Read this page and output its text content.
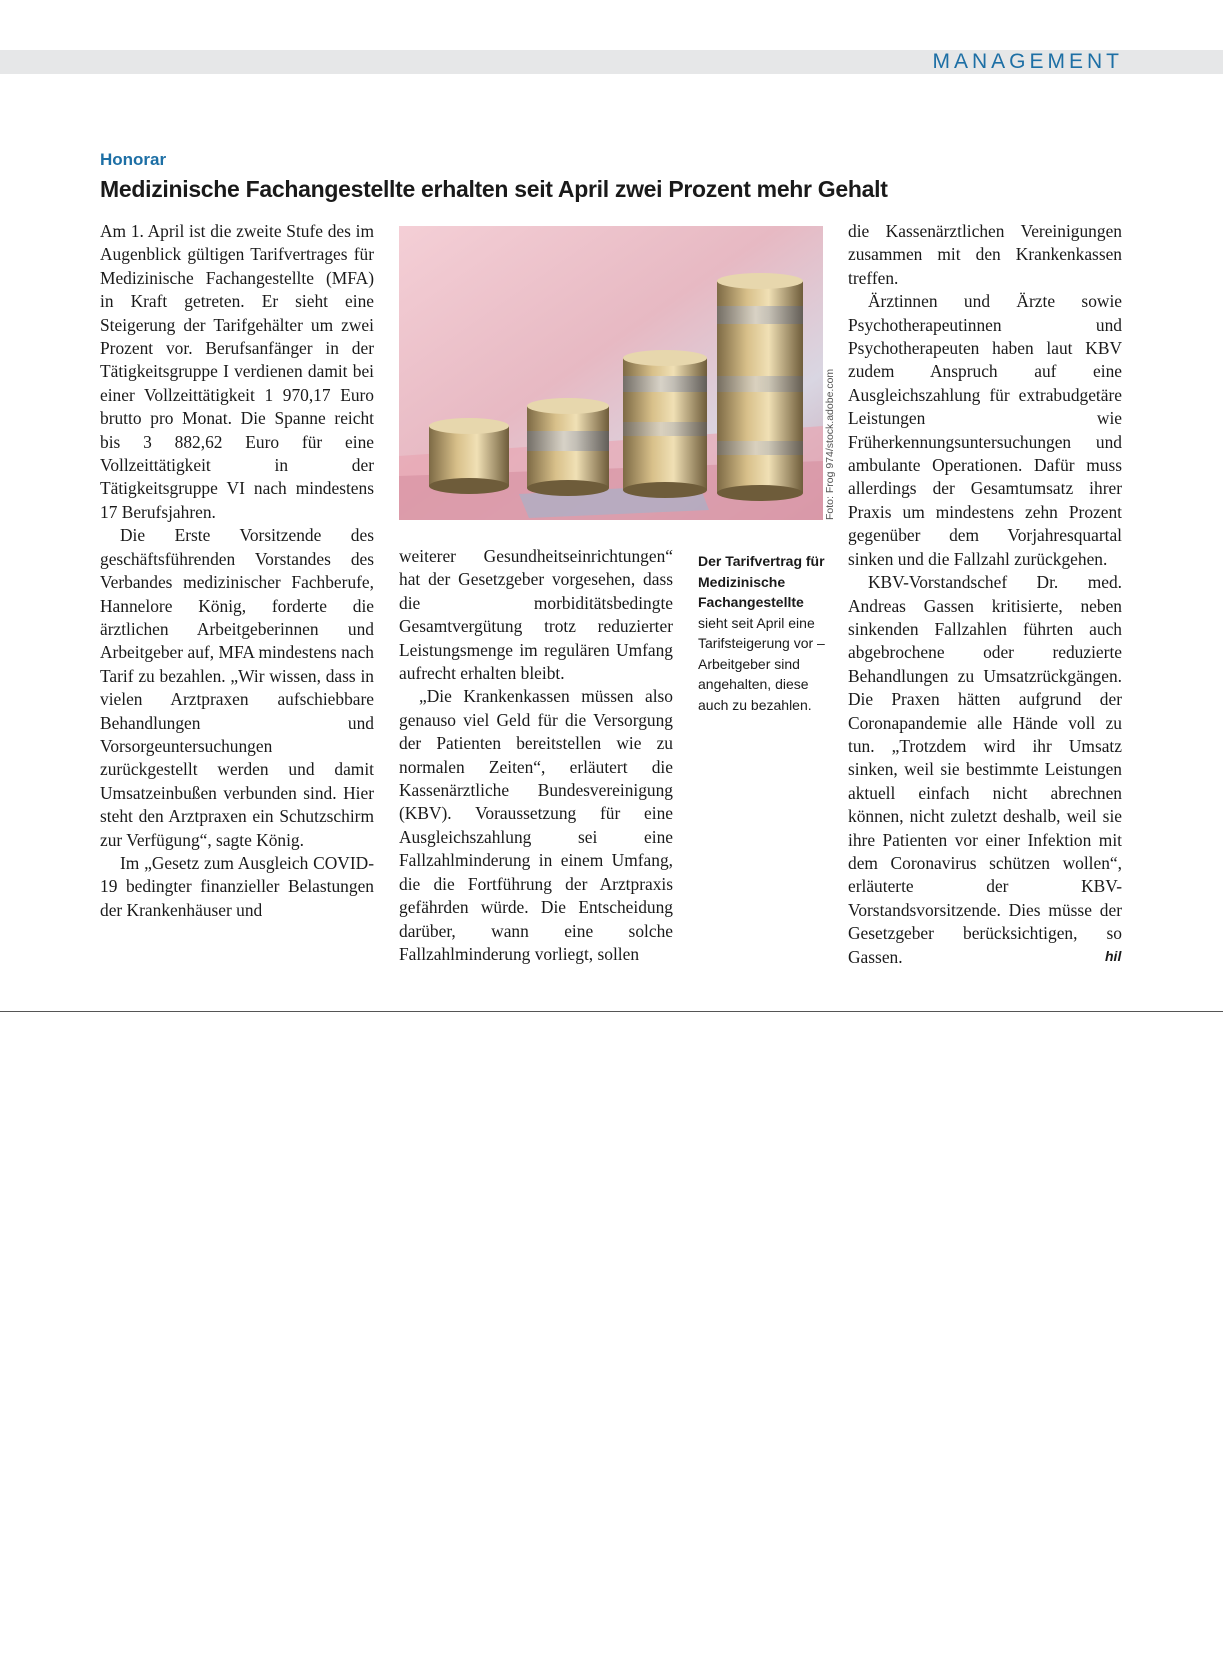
MANAGEMENT
Honorar
Medizinische Fachangestellte erhalten seit April zwei Prozent mehr Gehalt

Am 1. April ist die zweite Stufe des im Augenblick gültigen Tarifvertrages für Medizinische Fachangestellte (MFA) in Kraft getreten. Er sieht eine Steigerung der Tarifgehälter um zwei Prozent vor. Berufsanfänger in der Tätigkeitsgruppe I verdienen damit bei einer Vollzeittätigkeit 1 970,17 Euro brutto pro Monat. Die Spanne reicht bis 3 882,62 Euro für eine Vollzeittätigkeit in der Tätigkeitsgruppe VI nach mindestens 17 Berufsjahren.

Die Erste Vorsitzende des geschäftsführenden Vorstandes des Verbandes medizinischer Fachberufe, Hannelore König, forderte die ärztlichen Arbeitgeberinnen und Arbeitgeber auf, MFA mindestens nach Tarif zu bezahlen. „Wir wissen, dass in vielen Arztpraxen aufschiebbare Behandlungen und Vorsorgeuntersuchungen zurückgestellt werden und damit Umsatzeinbußen verbunden sind. Hier steht den Arztpraxen ein Schutzschirm zur Verfügung“, sagte König.

Im „Gesetz zum Ausgleich COVID-19 bedingter finanzieller Belastungen der Krankenhäuser und

Foto: Frog 974/stock.adobe.com

weiterer Gesundheitseinrichtungen“ hat der Gesetzgeber vorgesehen, dass die morbiditätsbedingte Gesamtvergütung trotz reduzierter Leistungsmenge im regulären Umfang aufrecht erhalten bleibt.

„Die Krankenkassen müssen also genauso viel Geld für die Versorgung der Patienten bereitstellen wie zu normalen Zeiten“, erläutert die Kassenärztliche Bundesvereinigung (KBV). Voraussetzung für eine Ausgleichszahlung sei eine Fallzahlminderung in einem Umfang, die die Fortführung der Arztpraxis gefährden würde. Die Entscheidung darüber, wann eine solche Fallzahlminderung vorliegt, sollen

Der Tarifvertrag für Medizinische Fachangestellte
sieht seit April eine Tarifsteigerung vor – Arbeitgeber sind angehalten, diese auch zu bezahlen.

die Kassenärztlichen Vereinigungen zusammen mit den Krankenkassen treffen.

Ärztinnen und Ärzte sowie Psychotherapeutinnen und Psychotherapeuten haben laut KBV zudem Anspruch auf eine Ausgleichszahlung für extrabudgetäre Leistungen wie Früherkennungsuntersuchungen und ambulante Operationen. Dafür muss allerdings der Gesamtumsatz ihrer Praxis um mindestens zehn Prozent gegenüber dem Vorjahresquartal sinken und die Fallzahl zurückgehen.

KBV-Vorstandschef Dr. med. Andreas Gassen kritisierte, neben sinkenden Fallzahlen führten auch abgebrochene oder reduzierte Behandlungen zu Umsatzrückgängen. Die Praxen hätten aufgrund der Coronapandemie alle Hände voll zu tun. „Trotzdem wird ihr Umsatz sinken, weil sie bestimmte Leistungen aktuell einfach nicht abrechnen können, nicht zuletzt deshalb, weil sie ihre Patienten vor einer Infektion mit dem Coronavirus schützen wollen“, erläuterte der KBV-Vorstandsvorsitzende. Dies müsse der Gesetzgeber berücksichtigen, so Gassen.	hil
